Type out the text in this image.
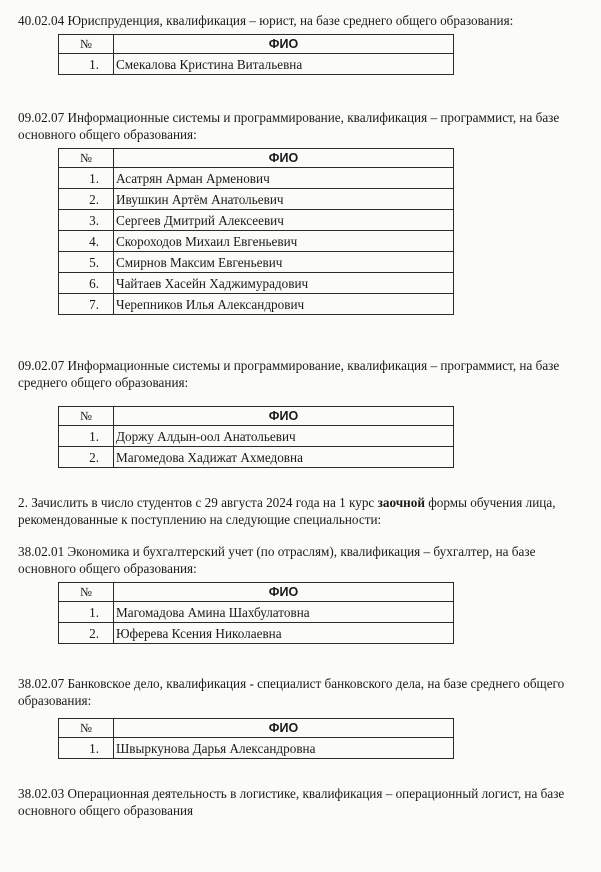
40.02.04 Юриспруденция, квалификация – юрист, на базе среднего общего образования:

№	ФИО
1.	Смекалова Кристина Витальевна

09.02.07 Информационные системы и программирование, квалификация – программист, на базе основного общего образования:

№	ФИО
1.	Асатрян Арман Арменович
2.	Ивушкин Артём Анатольевич
3.	Сергеев Дмитрий Алексеевич
4.	Скороходов Михаил Евгеньевич
5.	Смирнов Максим Евгеньевич
6.	Чайтаев Хасейн Хаджимурадович
7.	Черепников Илья Александрович

09.02.07 Информационные системы и программирование, квалификация – программист, на базе среднего общего образования:

№	ФИО
1.	Доржу Алдын-оол Анатольевич
2.	Магомедова Хадижат Ахмедовна

2. Зачислить в число студентов с 29 августа 2024 года на 1 курс заочной формы обучения лица, рекомендованные к поступлению на следующие специальности:

38.02.01 Экономика и бухгалтерский учет (по отраслям), квалификация – бухгалтер, на базе основного общего образования:

№	ФИО
1.	Магомадова Амина Шахбулатовна
2.	Юферева Ксения Николаевна

38.02.07 Банковское дело, квалификация - специалист банковского дела, на базе среднего общего образования:

№	ФИО
1.	Швыркунова Дарья Александровна

38.02.03 Операционная деятельность в логистике, квалификация – операционный логист, на базе основного общего образования
